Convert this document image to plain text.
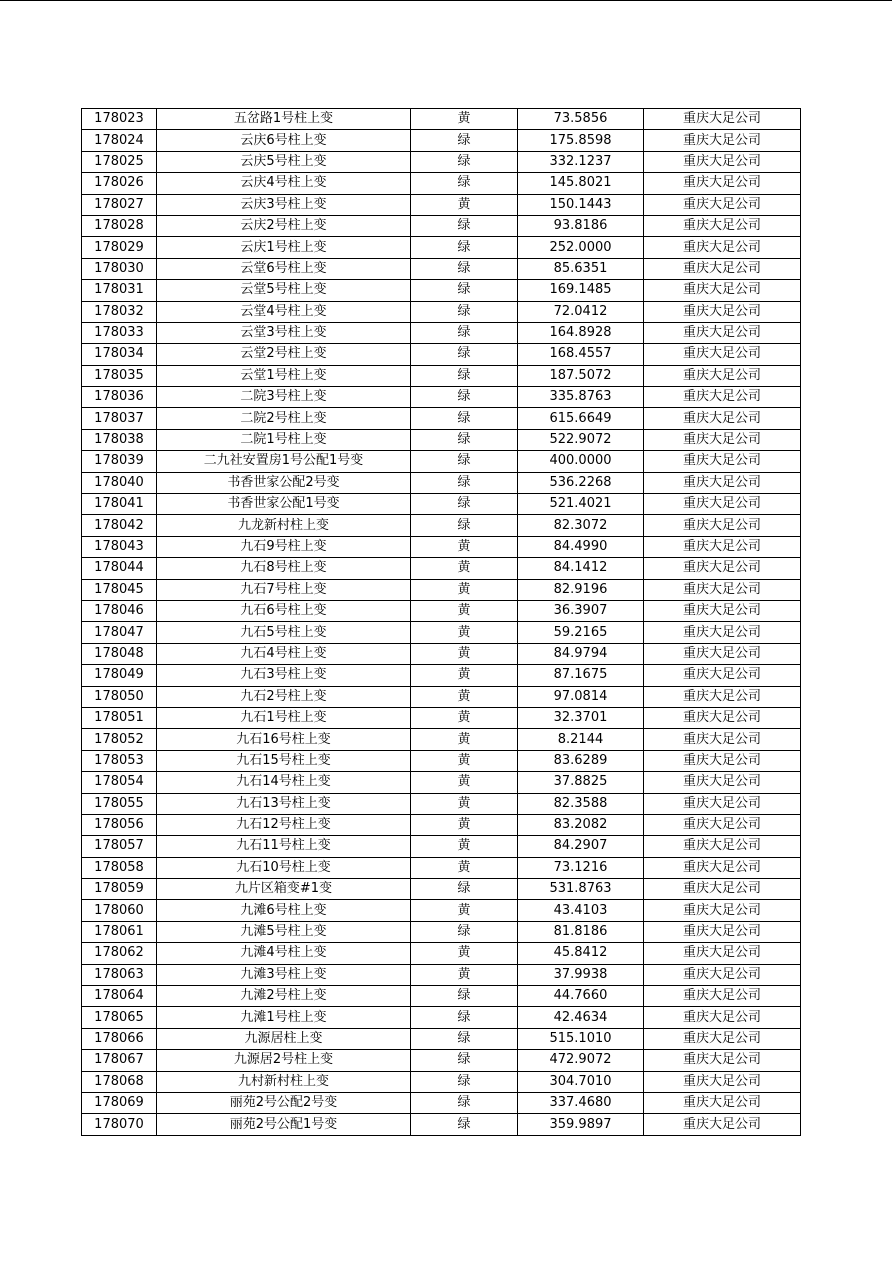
178023	五岔路1号柱上变	黄	73.5856	重庆大足公司
178024	云庆6号柱上变	绿	175.8598	重庆大足公司
178025	云庆5号柱上变	绿	332.1237	重庆大足公司
178026	云庆4号柱上变	绿	145.8021	重庆大足公司
178027	云庆3号柱上变	黄	150.1443	重庆大足公司
178028	云庆2号柱上变	绿	93.8186	重庆大足公司
178029	云庆1号柱上变	绿	252.0000	重庆大足公司
178030	云堂6号柱上变	绿	85.6351	重庆大足公司
178031	云堂5号柱上变	绿	169.1485	重庆大足公司
178032	云堂4号柱上变	绿	72.0412	重庆大足公司
178033	云堂3号柱上变	绿	164.8928	重庆大足公司
178034	云堂2号柱上变	绿	168.4557	重庆大足公司
178035	云堂1号柱上变	绿	187.5072	重庆大足公司
178036	二院3号柱上变	绿	335.8763	重庆大足公司
178037	二院2号柱上变	绿	615.6649	重庆大足公司
178038	二院1号柱上变	绿	522.9072	重庆大足公司
178039	二九社安置房1号公配1号变	绿	400.0000	重庆大足公司
178040	书香世家公配2号变	绿	536.2268	重庆大足公司
178041	书香世家公配1号变	绿	521.4021	重庆大足公司
178042	九龙新村柱上变	绿	82.3072	重庆大足公司
178043	九石9号柱上变	黄	84.4990	重庆大足公司
178044	九石8号柱上变	黄	84.1412	重庆大足公司
178045	九石7号柱上变	黄	82.9196	重庆大足公司
178046	九石6号柱上变	黄	36.3907	重庆大足公司
178047	九石5号柱上变	黄	59.2165	重庆大足公司
178048	九石4号柱上变	黄	84.9794	重庆大足公司
178049	九石3号柱上变	黄	87.1675	重庆大足公司
178050	九石2号柱上变	黄	97.0814	重庆大足公司
178051	九石1号柱上变	黄	32.3701	重庆大足公司
178052	九石16号柱上变	黄	8.2144	重庆大足公司
178053	九石15号柱上变	黄	83.6289	重庆大足公司
178054	九石14号柱上变	黄	37.8825	重庆大足公司
178055	九石13号柱上变	黄	82.3588	重庆大足公司
178056	九石12号柱上变	黄	83.2082	重庆大足公司
178057	九石11号柱上变	黄	84.2907	重庆大足公司
178058	九石10号柱上变	黄	73.1216	重庆大足公司
178059	九片区箱变#1变	绿	531.8763	重庆大足公司
178060	九滩6号柱上变	黄	43.4103	重庆大足公司
178061	九滩5号柱上变	绿	81.8186	重庆大足公司
178062	九滩4号柱上变	黄	45.8412	重庆大足公司
178063	九滩3号柱上变	黄	37.9938	重庆大足公司
178064	九滩2号柱上变	绿	44.7660	重庆大足公司
178065	九滩1号柱上变	绿	42.4634	重庆大足公司
178066	九源居柱上变	绿	515.1010	重庆大足公司
178067	九源居2号柱上变	绿	472.9072	重庆大足公司
178068	九村新村柱上变	绿	304.7010	重庆大足公司
178069	丽苑2号公配2号变	绿	337.4680	重庆大足公司
178070	丽苑2号公配1号变	绿	359.9897	重庆大足公司
